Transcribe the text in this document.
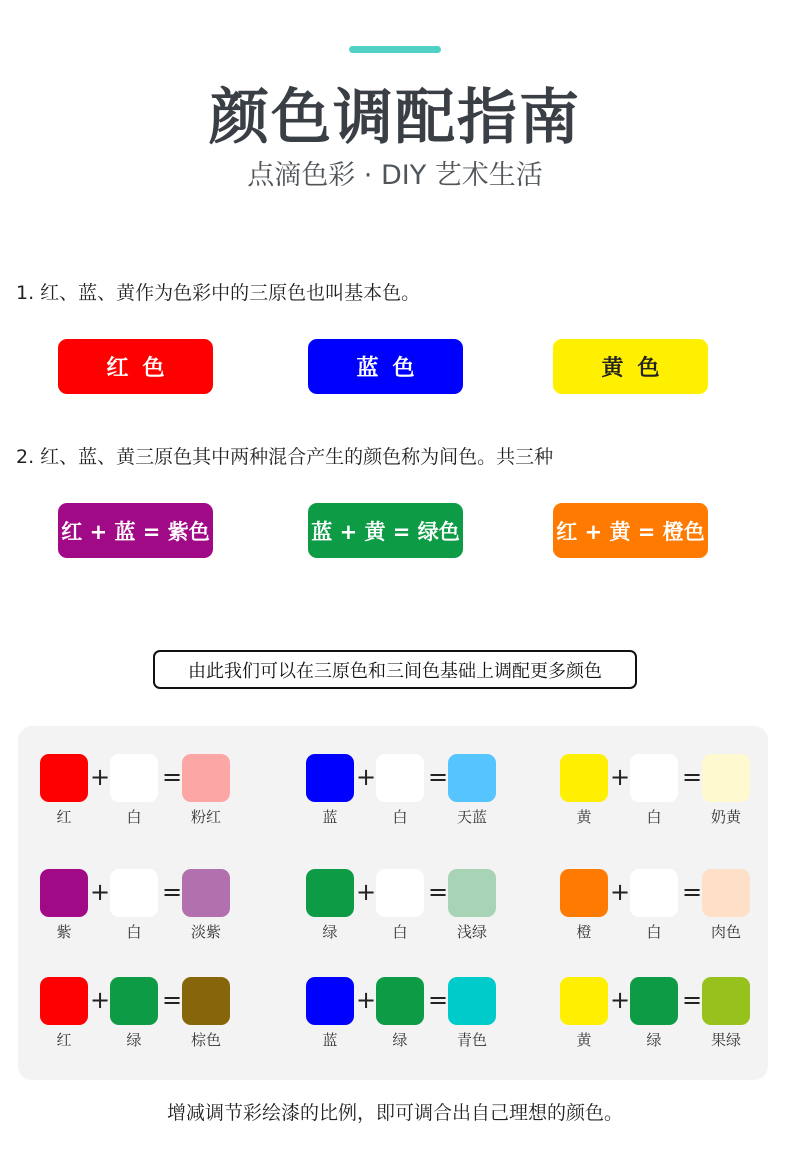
颜色调配指南
点滴色彩 · DIY 艺术生活
1. 红、蓝、黄作为色彩中的三原色也叫基本色。
红色	蓝色	黄色
2. 红、蓝、黄三原色其中两种混合产生的颜色称为间色。共三种
红 + 蓝 = 紫色	蓝 + 黄 = 绿色	红 + 黄 = 橙色
由此我们可以在三原色和三间色基础上调配更多颜色
红	白	粉红
+ =
蓝	白	天蓝
+ =
黄	白	奶黄
+ =
紫	白	淡紫
+ =
绿	白	浅绿
+ =
橙	白	肉色
+ =
红	绿	棕色
+ =
蓝	绿	青色
+ =
黄	绿	果绿
+ =
增减调节彩绘漆的比例，即可调合出自己理想的颜色。
